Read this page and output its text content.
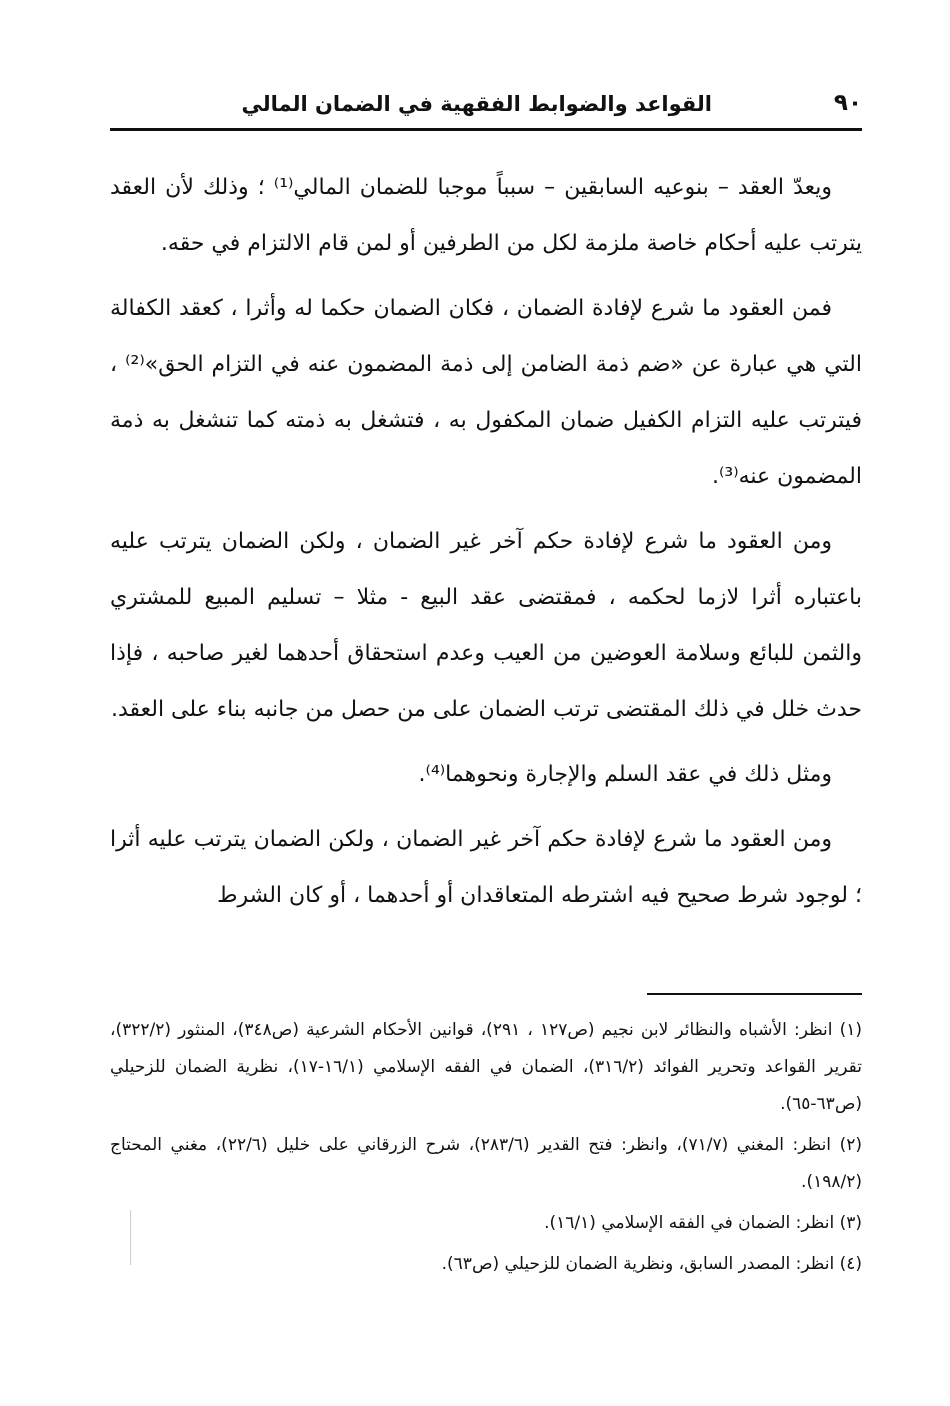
٩٠
القواعد والضوابط الفقهية في الضمان المالي

ويعدّ العقد – بنوعيه السابقين – سبباً موجبا للضمان المالي⁽¹⁾ ؛ وذلك لأن العقد يترتب عليه أحكام خاصة ملزمة لكل من الطرفين أو لمن قام الالتزام في حقه.

فمن العقود ما شرع لإفادة الضمان ، فكان الضمان حكما له وأثرا ، كعقد الكفالة التي هي عبارة عن «ضم ذمة الضامن إلى ذمة المضمون عنه في التزام الحق»⁽²⁾ ، فيترتب عليه التزام الكفيل ضمان المكفول به ، فتشغل به ذمته كما تنشغل به ذمة المضمون عنه⁽³⁾.

ومن العقود ما شرع لإفادة حكم آخر غير الضمان ، ولكن الضمان يترتب عليه باعتباره أثرا لازما لحكمه ، فمقتضى عقد البيع - مثلا – تسليم المبيع للمشتري والثمن للبائع وسلامة العوضين من العيب وعدم استحقاق أحدهما لغير صاحبه ، فإذا حدث خلل في ذلك المقتضى ترتب الضمان على من حصل من جانبه بناء على العقد.

ومثل ذلك في عقد السلم والإجارة ونحوهما⁽⁴⁾.

ومن العقود ما شرع لإفادة حكم آخر غير الضمان ، ولكن الضمان يترتب عليه أثرا ؛ لوجود شرط صحيح فيه اشترطه المتعاقدان أو أحدهما ، أو كان الشرط

(١) انظر: الأشباه والنظائر لابن نجيم (ص١٢٧ ، ٢٩١)، قوانين الأحكام الشرعية (ص٣٤٨)، المنثور (٣٢٢/٢)، تقرير القواعد وتحرير الفوائد (٣١٦/٢)، الضمان في الفقه الإسلامي (١٦/١-١٧)، نظرية الضمان للزحيلي (ص٦٣-٦٥).

(٢) انظر: المغني (٧١/٧)، وانظر: فتح القدير (٢٨٣/٦)، شرح الزرقاني على خليل (٢٢/٦)، مغني المحتاج (١٩٨/٢).

(٣) انظر: الضمان في الفقه الإسلامي (١٦/١).

(٤) انظر: المصدر السابق، ونظرية الضمان للزحيلي (ص٦٣).
